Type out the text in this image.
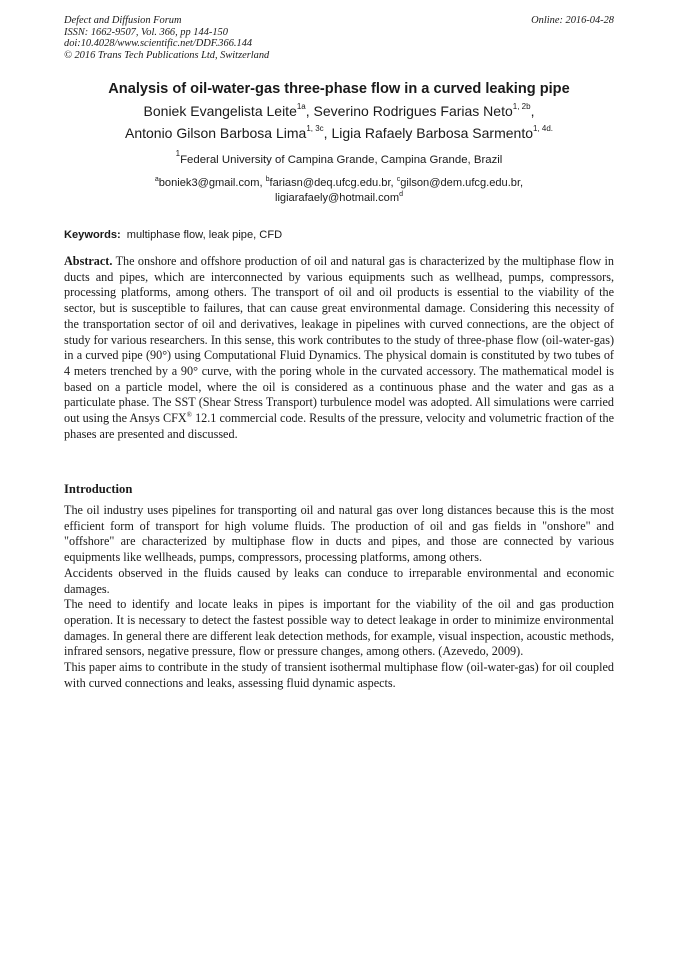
Defect and Diffusion Forum
ISSN: 1662-9507, Vol. 366, pp 144-150
doi:10.4028/www.scientific.net/DDF.366.144
© 2016 Trans Tech Publications Ltd, Switzerland
Online: 2016-04-28
Analysis of oil-water-gas three-phase flow in a curved leaking pipe
Boniek Evangelista Leite$^{1a}$, Severino Rodrigues Farias Neto$^{1, 2b}$,
Antonio Gilson Barbosa Lima$^{1, 3c}$, Ligia Rafaely Barbosa Sarmento$^{1, 4d.}$
$^1$Federal University of Campina Grande, Campina Grande, Brazil
$^a$boniek3@gmail.com, $^b$fariasn@deq.ufcg.edu.br, $^c$gilson@dem.ufcg.edu.br,
ligiarafaely@hotmail.com$^d$
Keywords: multiphase flow, leak pipe, CFD
Abstract. The onshore and offshore production of oil and natural gas is characterized by the multiphase flow in ducts and pipes, which are interconnected by various equipments such as wellhead, pumps, compressors, processing platforms, among others. The transport of oil and oil products is essential to the viability of the sector, but is susceptible to failures, that can cause great environmental damage. Considering this necessity of the transportation sector of oil and derivatives, leakage in pipelines with curved connections, are the object of study for various researchers. In this sense, this work contributes to the study of three-phase flow (oil-water-gas) in a curved pipe (90°) using Computational Fluid Dynamics. The physical domain is constituted by two tubes of 4 meters trenched by a 90° curve, with the poring whole in the curvated accessory. The mathematical model is based on a particle model, where the oil is considered as a continuous phase and the water and gas as a particulate phase. The SST (Shear Stress Transport) turbulence model was adopted. All simulations were carried out using the Ansys CFX® 12.1 commercial code. Results of the pressure, velocity and volumetric fraction of the phases are presented and discussed.
Introduction

The oil industry uses pipelines for transporting oil and natural gas over long distances because this is the most efficient form of transport for high volume fluids. The production of oil and gas fields in "onshore" and "offshore" are characterized by multiphase flow in ducts and pipes, and those are connected by various equipments like wellheads, pumps, compressors, processing platforms, among others.

Accidents observed in the fluids caused by leaks can conduce to irreparable environmental and economic damages.

The need to identify and locate leaks in pipes is important for the viability of the oil and gas production operation. It is necessary to detect the fastest possible way to detect leakage in order to minimize environmental damages. In general there are different leak detection methods, for example, visual inspection, acoustic methods, infrared sensors, negative pressure, flow or pressure changes, among others. (Azevedo, 2009).

This paper aims to contribute in the study of transient isothermal multiphase flow (oil-water-gas) for oil coupled with curved connections and leaks, assessing fluid dynamic aspects.
